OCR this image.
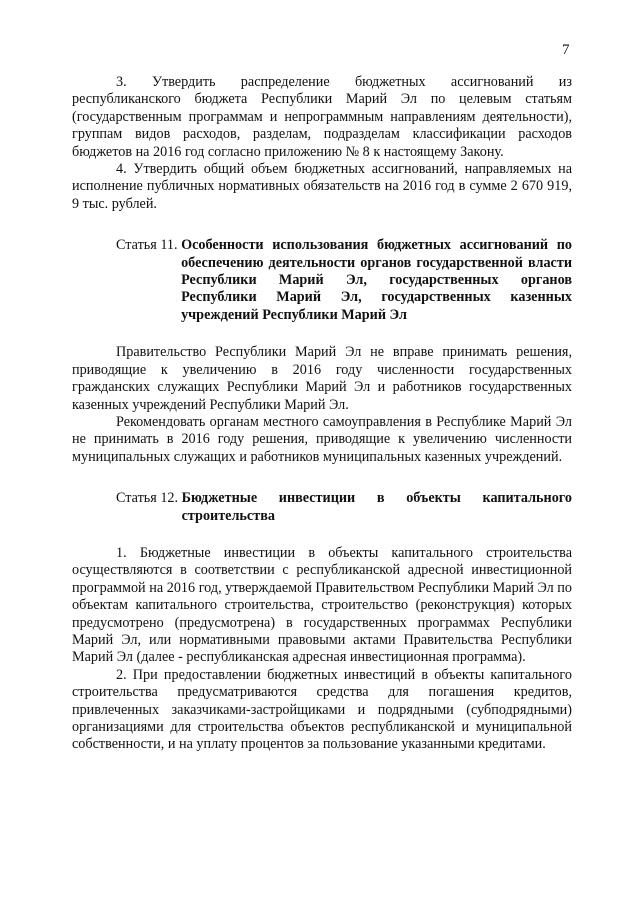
7

3. Утвердить распределение бюджетных ассигнований из республиканского бюджета Республики Марий Эл по целевым статьям (государственным программам и непрограммным направлениям деятельности), группам видов расходов, разделам, подразделам классификации расходов бюджетов на 2016 год согласно приложению № 8 к настоящему Закону.

4. Утвердить общий объем бюджетных ассигнований, направляемых на исполнение публичных нормативных обязательств на 2016 год в сумме 2 670 919, 9 тыс. рублей.

Статья 11. Особенности использования бюджетных ассигнований по обеспечению деятельности органов государственной власти Республики Марий Эл, государственных органов Республики Марий Эл, государственных казенных учреждений Республики Марий Эл

Правительство Республики Марий Эл не вправе принимать решения, приводящие к увеличению в 2016 году численности государственных гражданских служащих Республики Марий Эл и работников государственных казенных учреждений Республики Марий Эл.

Рекомендовать органам местного самоуправления в Республике Марий Эл не принимать в 2016 году решения, приводящие к увеличению численности муниципальных служащих и работников муниципальных казенных учреждений.

Статья 12. Бюджетные инвестиции в объекты капитального строительства

1. Бюджетные инвестиции в объекты капитального строительства осуществляются в соответствии с республиканской адресной инвестиционной программой на 2016 год, утверждаемой Правительством Республики Марий Эл по объектам капитального строительства, строительство (реконструкция) которых предусмотрено (предусмотрена) в государственных программах Республики Марий Эл, или нормативными правовыми актами Правительства Республики Марий Эл (далее - республиканская адресная инвестиционная программа).

2. При предоставлении бюджетных инвестиций в объекты капитального строительства предусматриваются средства для погашения кредитов, привлеченных заказчиками-застройщиками и подрядными (субподрядными) организациями для строительства объектов республиканской и муниципальной собственности, и на уплату процентов за пользование указанными кредитами.
